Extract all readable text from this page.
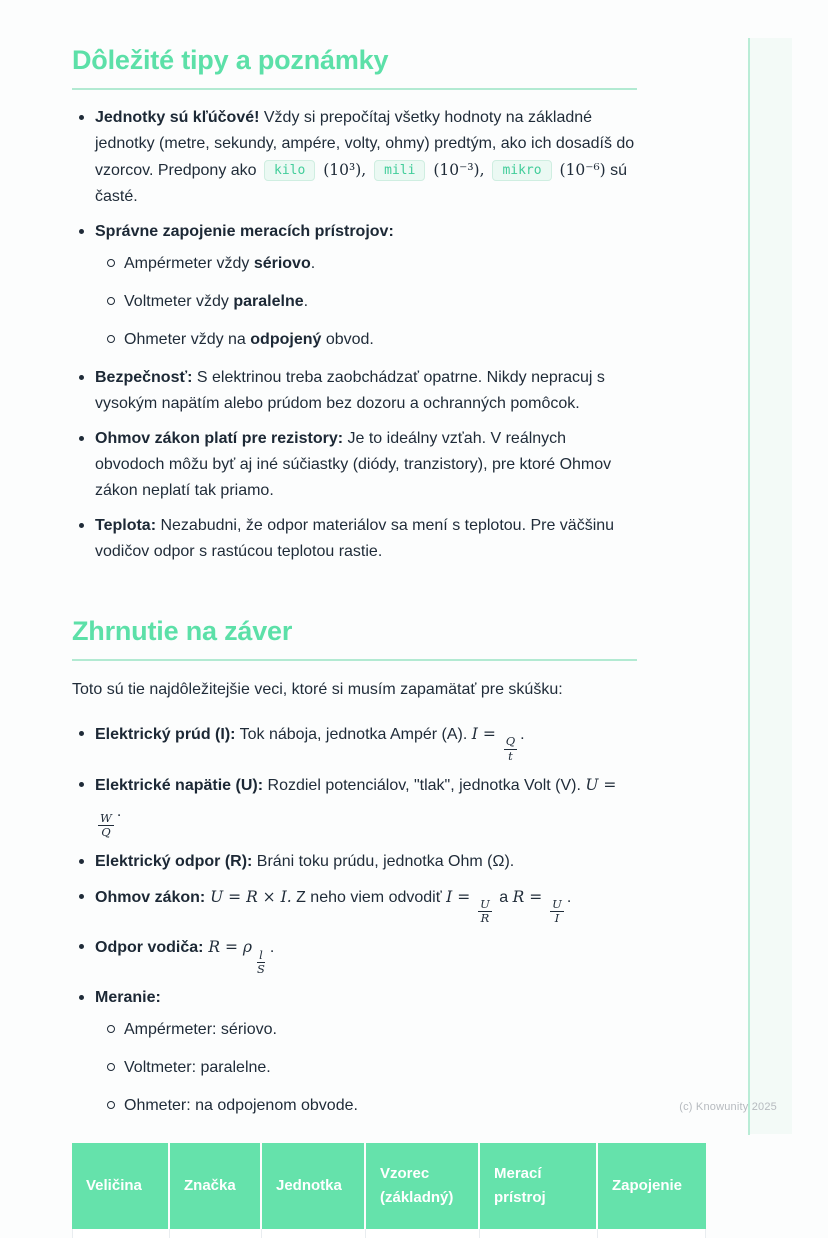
Dôležité tipy a poznámky
Jednotky sú kľúčové! Vždy si prepočítaj všetky hodnoty na základné jednotky (metre, sekundy, ampére, volty, ohmy) predtým, ako ich dosadíš do vzorcov. Predpony ako kilo (10³), mili (10⁻³), mikro (10⁻⁶) sú časté.
Správne zapojenie meracích prístrojov:
Ampérmeter vždy sériovo.
Voltmeter vždy paralelne.
Ohmeter vždy na odpojený obvod.
Bezpečnosť: S elektrinou treba zaobchádzať opatrne. Nikdy nepracuj s vysokým napätím alebo prúdom bez dozoru a ochranných pomôcok.
Ohmov zákon platí pre rezistory: Je to ideálny vzťah. V reálnych obvodoch môžu byť aj iné súčiastky (diódy, tranzistory), pre ktoré Ohmov zákon neplatí tak priamo.
Teplota: Nezabudni, že odpor materiálov sa mení s teplotou. Pre väčšinu vodičov odpor s rastúcou teplotou rastie.
Zhrnutie na záver

Toto sú tie najdôležitejšie veci, ktoré si musím zapamätať pre skúšku:

Elektrický prúd (I): Tok náboja, jednotka Ampér (A). I =
$\frac{Q}{t}$
.
Elektrické napätie (U): Rozdiel potenciálov, "tlak", jednotka Volt (V). U =
$\frac{W}{Q}$
.
Elektrický odpor (R): Bráni toku prúdu, jednotka Ohm (Ω).
Ohmov zákon: U = R × I. Z neho viem odvodiť I =
$\frac{U}{R}$
a R =
$\frac{U}{I}$
.
Odpor vodiča: R = ρ
$\frac{l}{S}$
.
Meranie:
Ampérmeter: sériovo.
Voltmeter: paralelne.
Ohmeter: na odpojenom obvode.
Veličina	Značka	Jednotka	Vzorec (základný)	Merací prístroj	Zapojenie

(c) Knowunity 2025
